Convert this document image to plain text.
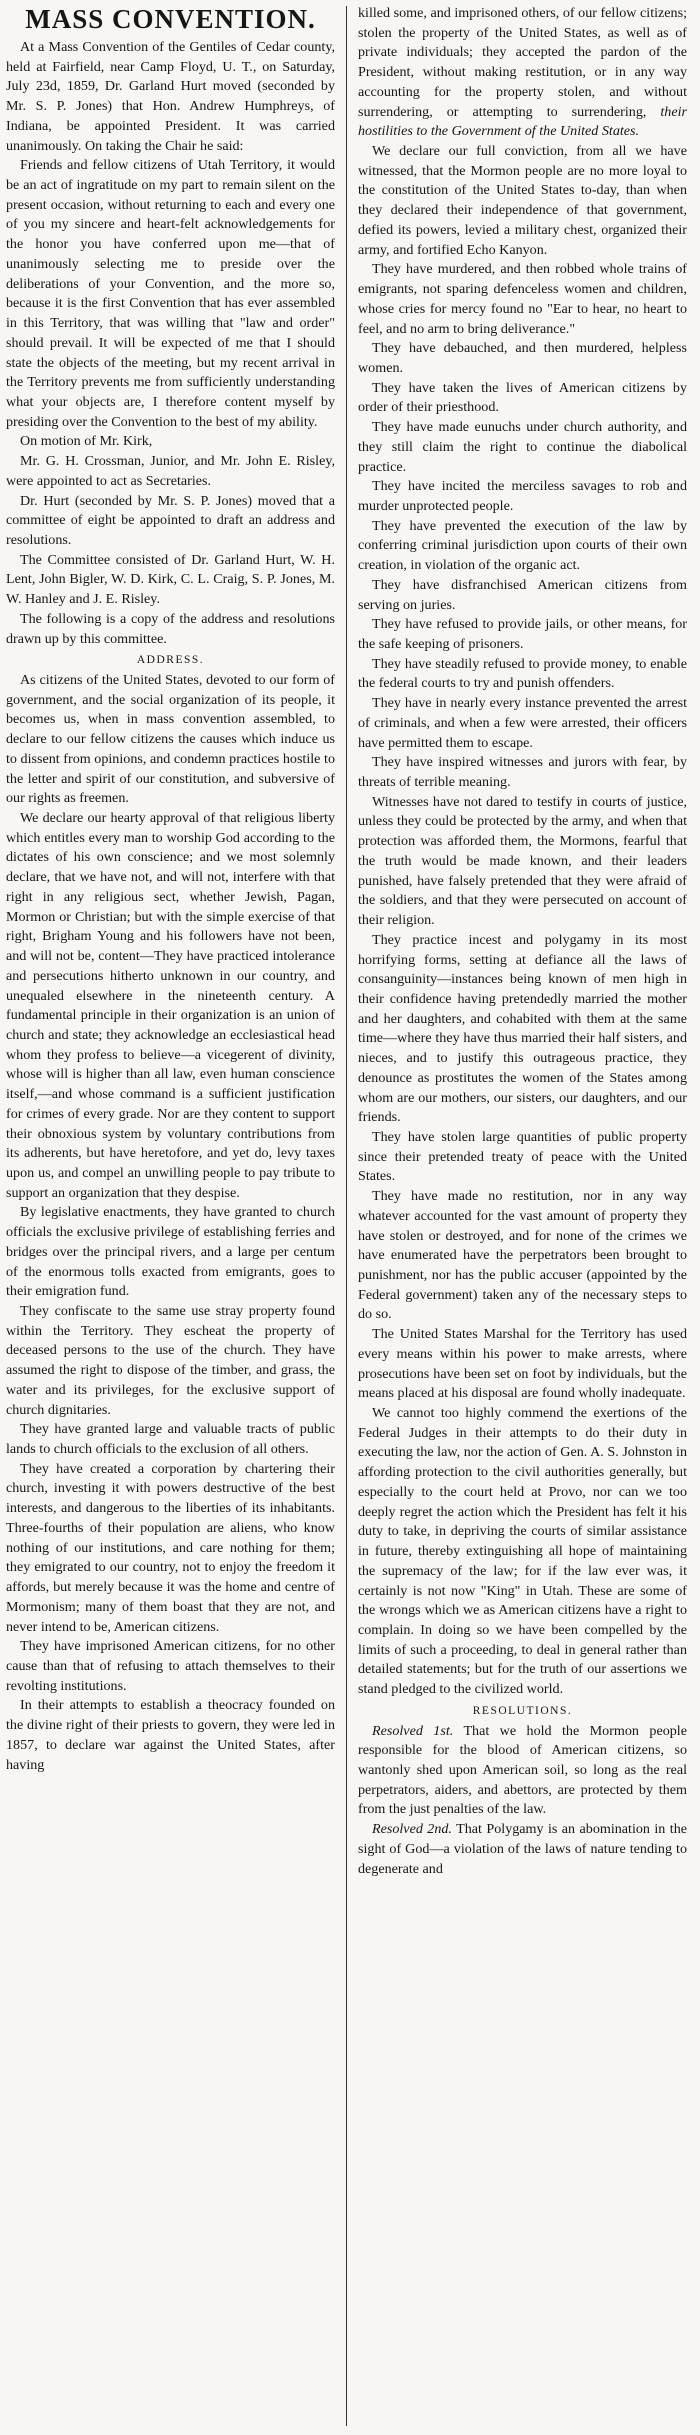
MASS CONVENTION.

At a Mass Convention of the Gentiles of Cedar county, held at Fairfield, near Camp Floyd, U. T., on Saturday, July 23d, 1859, Dr. Garland Hurt moved (seconded by Mr. S. P. Jones) that Hon. Andrew Humphreys, of Indiana, be appointed President. It was carried unanimously. On taking the Chair he said:

Friends and fellow citizens of Utah Territory, it would be an act of ingratitude on my part to remain silent on the present occasion, without returning to each and every one of you my sincere and heart-felt acknowledgements for the honor you have conferred upon me—that of unanimously selecting me to preside over the deliberations of your Convention, and the more so, because it is the first Convention that has ever assembled in this Territory, that was willing that "law and order" should prevail. It will be expected of me that I should state the objects of the meeting, but my recent arrival in the Territory prevents me from sufficiently understanding what your objects are, I therefore content myself by presiding over the Convention to the best of my ability.

On motion of Mr. Kirk,

Mr. G. H. Crossman, Junior, and Mr. John E. Risley, were appointed to act as Secretaries.

Dr. Hurt (seconded by Mr. S. P. Jones) moved that a committee of eight be appointed to draft an address and resolutions.

The Committee consisted of Dr. Garland Hurt, W. H. Lent, John Bigler, W. D. Kirk, C. L. Craig, S. P. Jones, M. W. Hanley and J. E. Risley.

The following is a copy of the address and resolutions drawn up by this committee.

ADDRESS.

As citizens of the United States, devoted to our form of government, and the social organization of its people, it becomes us, when in mass convention assembled, to declare to our fellow citizens the causes which induce us to dissent from opinions, and condemn practices hostile to the letter and spirit of our constitution, and subversive of our rights as freemen.

We declare our hearty approval of that religious liberty which entitles every man to worship God according to the dictates of his own conscience; and we most solemnly declare, that we have not, and will not, interfere with that right in any religious sect, whether Jewish, Pagan, Mormon or Christian; but with the simple exercise of that right, Brigham Young and his followers have not been, and will not be, content—They have practiced intolerance and persecutions hitherto unknown in our country, and unequaled elsewhere in the nineteenth century. A fundamental principle in their organization is an union of church and state; they acknowledge an ecclesiastical head whom they profess to believe—a vicegerent of divinity, whose will is higher than all law, even human conscience itself,—and whose command is a sufficient justification for crimes of every grade. Nor are they content to support their obnoxious system by voluntary contributions from its adherents, but have heretofore, and yet do, levy taxes upon us, and compel an unwilling people to pay tribute to support an organization that they despise.

By legislative enactments, they have granted to church officials the exclusive privilege of establishing ferries and bridges over the principal rivers, and a large per centum of the enormous tolls exacted from emigrants, goes to their emigration fund.

They confiscate to the same use stray property found within the Territory. They escheat the property of deceased persons to the use of the church. They have assumed the right to dispose of the timber, and grass, the water and its privileges, for the exclusive support of church dignitaries.

They have granted large and valuable tracts of public lands to church officials to the exclusion of all others.

They have created a corporation by chartering their church, investing it with powers destructive of the best interests, and dangerous to the liberties of its inhabitants. Three-fourths of their population are aliens, who know nothing of our institutions, and care nothing for them; they emigrated to our country, not to enjoy the freedom it affords, but merely because it was the home and centre of Mormonism; many of them boast that they are not, and never intend to be, American citizens.

They have imprisoned American citizens, for no other cause than that of refusing to attach themselves to their revolting institutions.

In their attempts to establish a theocracy founded on the divine right of their priests to govern, they were led in 1857, to declare war against the United States, after having

killed some, and imprisoned others, of our fellow citizens; stolen the property of the United States, as well as of private individuals; they accepted the pardon of the President, without making restitution, or in any way accounting for the property stolen, and without surrendering, or attempting to surrendering, their hostilities to the Government of the United States.

We declare our full conviction, from all we have witnessed, that the Mormon people are no more loyal to the constitution of the United States to-day, than when they declared their independence of that government, defied its powers, levied a military chest, organized their army, and fortified Echo Kanyon.

They have murdered, and then robbed whole trains of emigrants, not sparing defenceless women and children, whose cries for mercy found no "Ear to hear, no heart to feel, and no arm to bring deliverance."

They have debauched, and then murdered, helpless women.

They have taken the lives of American citizens by order of their priesthood.

They have made eunuchs under church authority, and they still claim the right to continue the diabolical practice.

They have incited the merciless savages to rob and murder unprotected people.

They have prevented the execution of the law by conferring criminal jurisdiction upon courts of their own creation, in violation of the organic act.

They have disfranchised American citizens from serving on juries.

They have refused to provide jails, or other means, for the safe keeping of prisoners.

They have steadily refused to provide money, to enable the federal courts to try and punish offenders.

They have in nearly every instance prevented the arrest of criminals, and when a few were arrested, their officers have permitted them to escape.

They have inspired witnesses and jurors with fear, by threats of terrible meaning.

Witnesses have not dared to testify in courts of justice, unless they could be protected by the army, and when that protection was afforded them, the Mormons, fearful that the truth would be made known, and their leaders punished, have falsely pretended that they were afraid of the soldiers, and that they were persecuted on account of their religion.

They practice incest and polygamy in its most horrifying forms, setting at defiance all the laws of consanguinity—instances being known of men high in their confidence having pretendedly married the mother and her daughters, and cohabited with them at the same time—where they have thus married their half sisters, and nieces, and to justify this outrageous practice, they denounce as prostitutes the women of the States among whom are our mothers, our sisters, our daughters, and our friends.

They have stolen large quantities of public property since their pretended treaty of peace with the United States.

They have made no restitution, nor in any way whatever accounted for the vast amount of property they have stolen or destroyed, and for none of the crimes we have enumerated have the perpetrators been brought to punishment, nor has the public accuser (appointed by the Federal government) taken any of the necessary steps to do so.

The United States Marshal for the Territory has used every means within his power to make arrests, where prosecutions have been set on foot by individuals, but the means placed at his disposal are found wholly inadequate.

We cannot too highly commend the exertions of the Federal Judges in their attempts to do their duty in executing the law, nor the action of Gen. A. S. Johnston in affording protection to the civil authorities generally, but especially to the court held at Provo, nor can we too deeply regret the action which the President has felt it his duty to take, in depriving the courts of similar assistance in future, thereby extinguishing all hope of maintaining the supremacy of the law; for if the law ever was, it certainly is not now "King" in Utah. These are some of the wrongs which we as American citizens have a right to complain. In doing so we have been compelled by the limits of such a proceeding, to deal in general rather than detailed statements; but for the truth of our assertions we stand pledged to the civilized world.

RESOLUTIONS.

Resolved 1st. That we hold the Mormon people responsible for the blood of American citizens, so wantonly shed upon American soil, so long as the real perpetrators, aiders, and abettors, are protected by them from the just penalties of the law.

Resolved 2nd. That Polygamy is an abomination in the sight of God—a violation of the laws of nature tending to degenerate and
